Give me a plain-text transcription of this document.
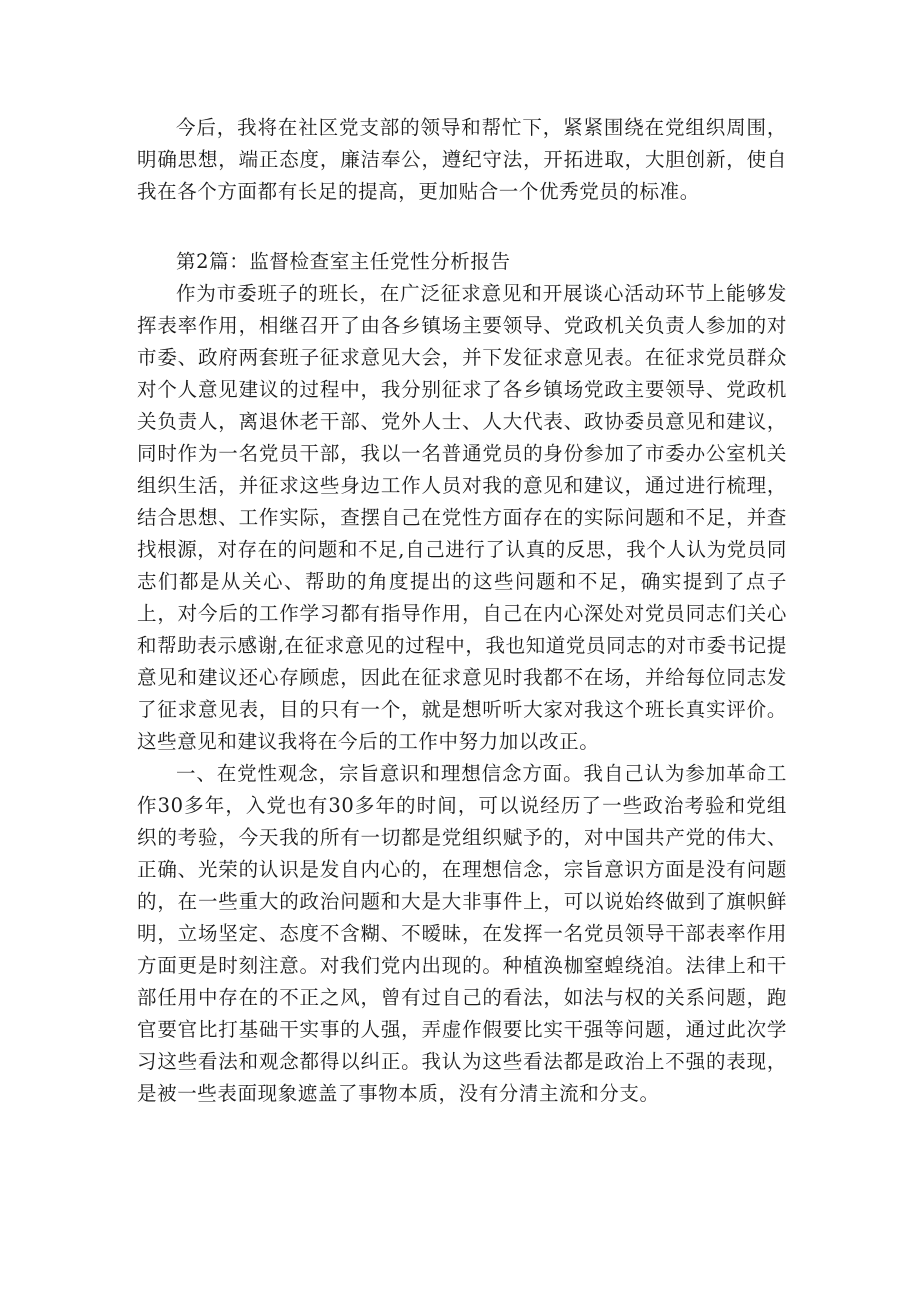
今后，我将在社区党支部的领导和帮忙下，紧紧围绕在党组织周围，明确思想，端正态度，廉洁奉公，遵纪守法，开拓进取，大胆创新，使自我在各个方面都有长足的提高，更加贴合一个优秀党员的标准。

第2篇：监督检查室主任党性分析报告

作为市委班子的班长，在广泛征求意见和开展谈心活动环节上能够发挥表率作用，相继召开了由各乡镇场主要领导、党政机关负责人参加的对市委、政府两套班子征求意见大会，并下发征求意见表。在征求党员群众对个人意见建议的过程中，我分别征求了各乡镇场党政主要领导、党政机关负责人，离退休老干部、党外人士、人大代表、政协委员意见和建议，同时作为一名党员干部，我以一名普通党员的身份参加了市委办公室机关组织生活，并征求这些身边工作人员对我的意见和建议，通过进行梳理，结合思想、工作实际，查摆自己在党性方面存在的实际问题和不足，并查找根源，对存在的问题和不足,自己进行了认真的反思，我个人认为党员同志们都是从关心、帮助的角度提出的这些问题和不足，确实提到了点子上，对今后的工作学习都有指导作用，自己在内心深处对党员同志们关心和帮助表示感谢,在征求意见的过程中，我也知道党员同志的对市委书记提意见和建议还心存顾虑，因此在征求意见时我都不在场，并给每位同志发了征求意见表，目的只有一个，就是想听听大家对我这个班长真实评价。这些意见和建议我将在今后的工作中努力加以改正。

一、在党性观念，宗旨意识和理想信念方面。我自己认为参加革命工作30多年，入党也有30多年的时间，可以说经历了一些政治考验和党组织的考验，今天我的所有一切都是党组织赋予的，对中国共产党的伟大、正确、光荣的认识是发自内心的，在理想信念，宗旨意识方面是没有问题的，在一些重大的政治问题和大是大非事件上，可以说始终做到了旗帜鲜明，立场坚定、态度不含糊、不暧昧，在发挥一名党员领导干部表率作用方面更是时刻注意。对我们党内出现的。种植涣枷窒蝗绕洎。法律上和干部任用中存在的不正之风，曾有过自己的看法，如法与权的关系问题，跑官要官比打基础干实事的人强，弄虚作假要比实干强等问题，通过此次学习这些看法和观念都得以纠正。我认为这些看法都是政治上不强的表现，是被一些表面现象遮盖了事物本质，没有分清主流和分支。
